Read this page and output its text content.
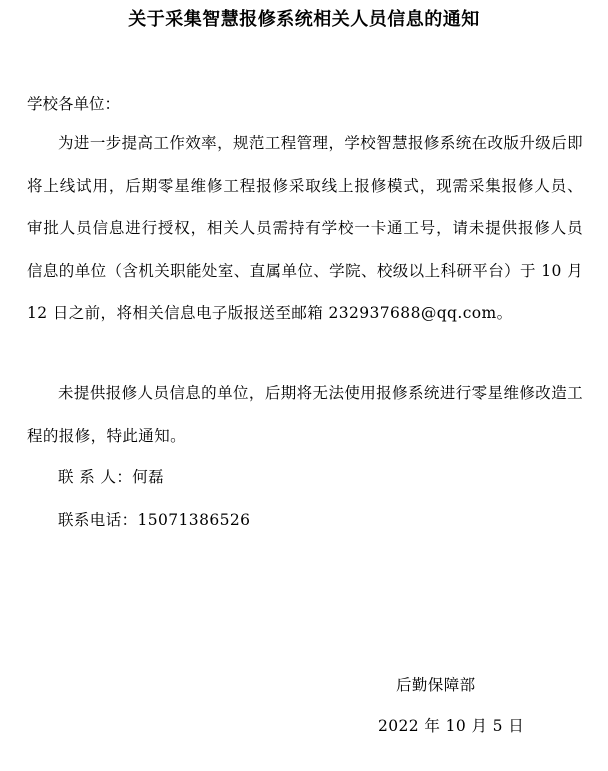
关于采集智慧报修系统相关人员信息的通知
学校各单位：

为进一步提高工作效率，规范工程管理，学校智慧报修系统在改版升级后即将上线试用，后期零星维修工程报修采取线上报修模式，现需采集报修人员、审批人员信息进行授权，相关人员需持有学校一卡通工号，请未提供报修人员信息的单位（含机关职能处室、直属单位、学院、校级以上科研平台）于 10 月 12 日之前，将相关信息电子版报送至邮箱 232937688@qq.com。

未提供报修人员信息的单位，后期将无法使用报修系统进行零星维修改造工程的报修，特此通知。

联 系 人：何磊
联系电话：15071386526
后勤保障部
2022 年 10 月 5 日
